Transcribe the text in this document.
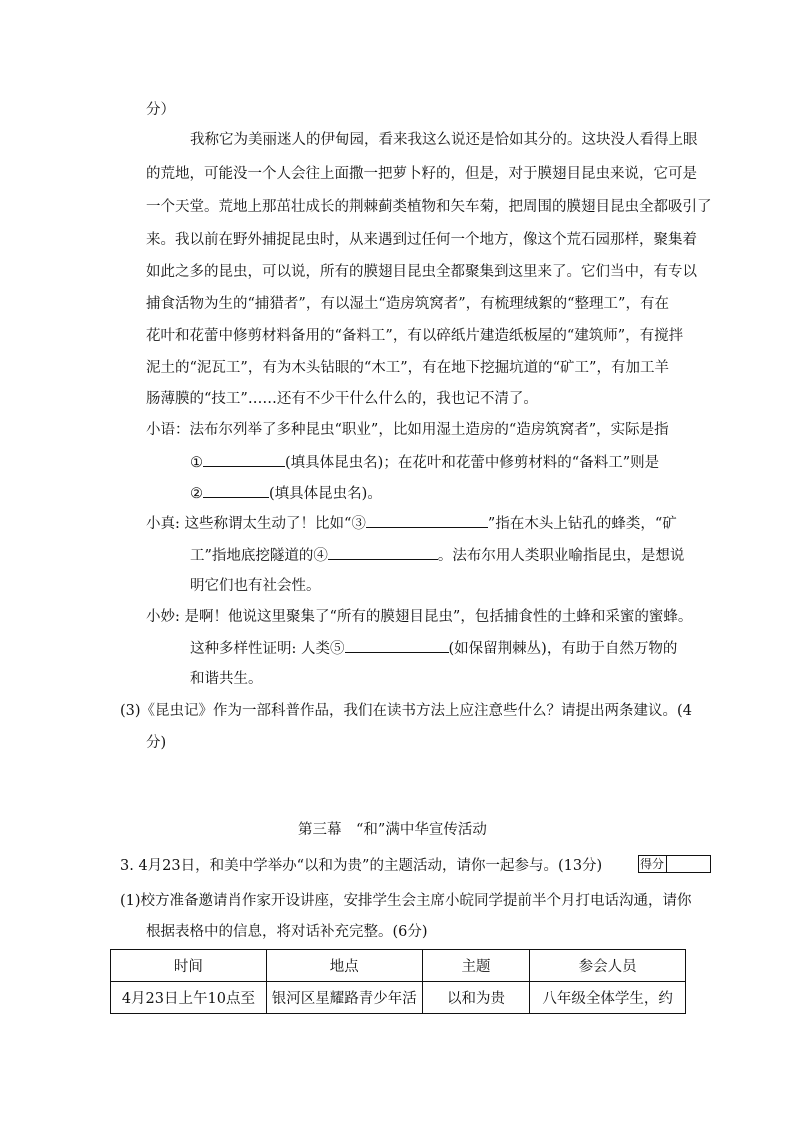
分）
我称它为美丽迷人的伊甸园，看来我这么说还是恰如其分的。这块没人看得上眼
的荒地，可能没一个人会往上面撒一把萝卜籽的，但是，对于膜翅目昆虫来说，它可是
一个天堂。荒地上那茁壮成长的荆棘蓟类植物和矢车菊，把周围的膜翅目昆虫全都吸引了
来。我以前在野外捕捉昆虫时，从来遇到过任何一个地方，像这个荒石园那样，聚集着
如此之多的昆虫，可以说，所有的膜翅目昆虫全都聚集到这里来了。它们当中，有专以
捕食活物为生的“捕猎者”，有以湿土“造房筑窝者”，有梳理绒絮的“整理工”，有在
花叶和花蕾中修剪材料备用的“备料工”，有以碎纸片建造纸板屋的“建筑师”，有搅拌
泥土的“泥瓦工”，有为木头钻眼的“木工”，有在地下挖掘坑道的“矿工”，有加工羊
肠薄膜的“技工”……还有不少干什么什么的，我也记不清了。
小语：法布尔列举了多种昆虫“职业”，比如用湿土造房的“造房筑窝者”，实际是指
①	(填具体昆虫名)；在花叶和花蕾中修剪材料的“备料工”则是
②	(填具体昆虫名)。
小真: 这些称谓太生动了！比如“③	”指在木头上钻孔的蜂类，“矿
工”指地底挖隧道的④	。法布尔用人类职业喻指昆虫，是想说
明它们也有社会性。
小妙: 是啊！他说这里聚集了“所有的膜翅目昆虫”，包括捕食性的土蜂和采蜜的蜜蜂。
这种多样性证明: 人类⑤	(如保留荆棘丛)，有助于自然万物的
和谐共生。
(3)《昆虫记》作为一部科普作品，我们在读书方法上应注意些什么？请提出两条建议。(4
分)
第三幕　“和”满中华宣传活动
3. 4月23日，和美中学举办“以和为贵”的主题活动，请你一起参与。(13分)	得分
(1)校方准备邀请肖作家开设讲座，安排学生会主席小皖同学提前半个月打电话沟通，请你
根据表格中的信息，将对话补充完整。(6分)
时间	地点	主题	参会人员
4月23日上午10点至	银河区星耀路青少年活	以和为贵	八年级全体学生，约
